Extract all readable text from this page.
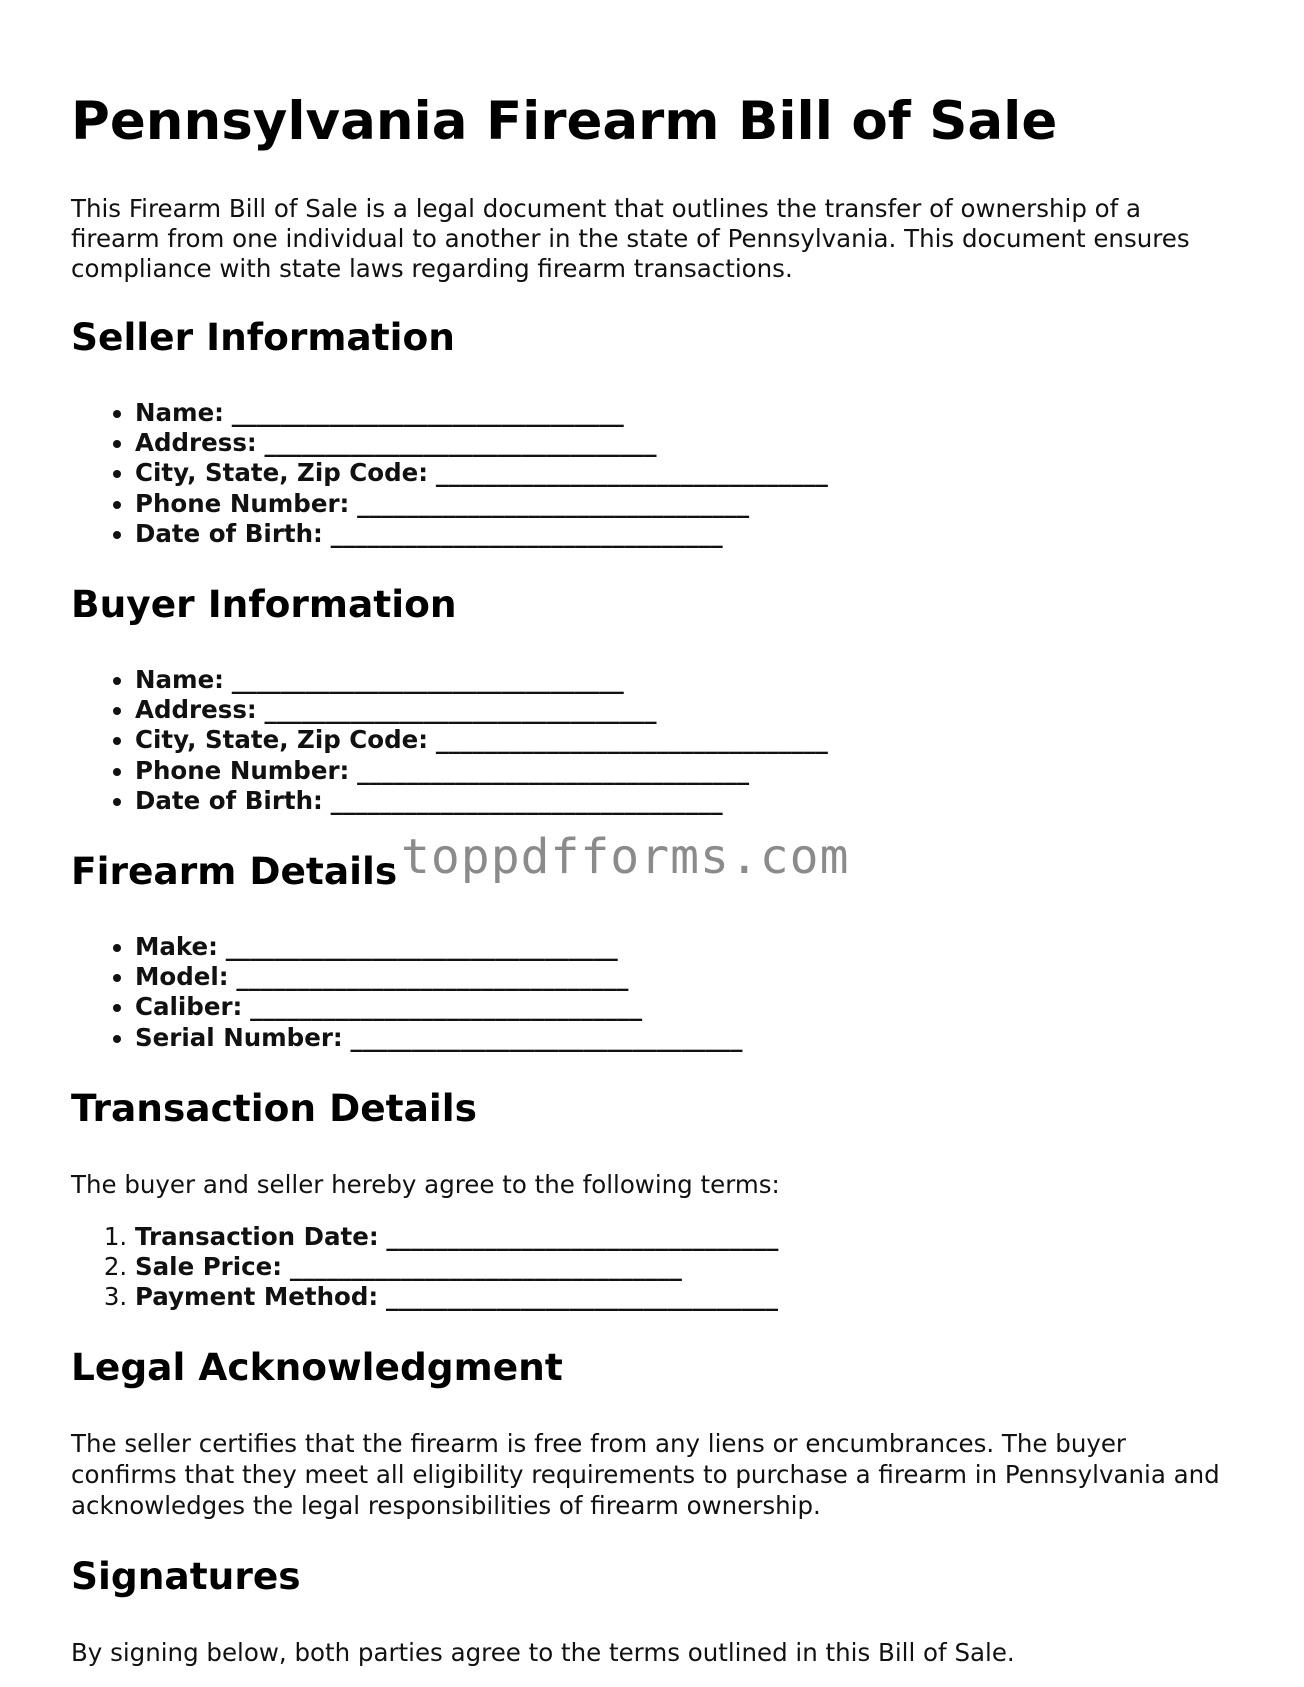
Pennsylvania Firearm Bill of Sale

This Firearm Bill of Sale is a legal document that outlines the transfer of ownership of a firearm from one individual to another in the state of Pennsylvania. This document ensures compliance with state laws regarding firearm transactions.

Seller Information
• Name: ________________________________
• Address: ________________________________
• City, State, Zip Code: ________________________________
• Phone Number: ________________________________
• Date of Birth: ________________________________
Buyer Information
• Name: ________________________________
• Address: ________________________________
• City, State, Zip Code: ________________________________
• Phone Number: ________________________________
• Date of Birth: ________________________________
Firearm Details toppdfforms.com
• Make: ________________________________
• Model: ________________________________
• Caliber: ________________________________
• Serial Number: ________________________________
Transaction Details

The buyer and seller hereby agree to the following terms:

1. Transaction Date: ________________________________
2. Sale Price: ________________________________
3. Payment Method: ________________________________
Legal Acknowledgment

The seller certifies that the firearm is free from any liens or encumbrances. The buyer confirms that they meet all eligibility requirements to purchase a firearm in Pennsylvania and acknowledges the legal responsibilities of firearm ownership.

Signatures

By signing below, both parties agree to the terms outlined in this Bill of Sale.
